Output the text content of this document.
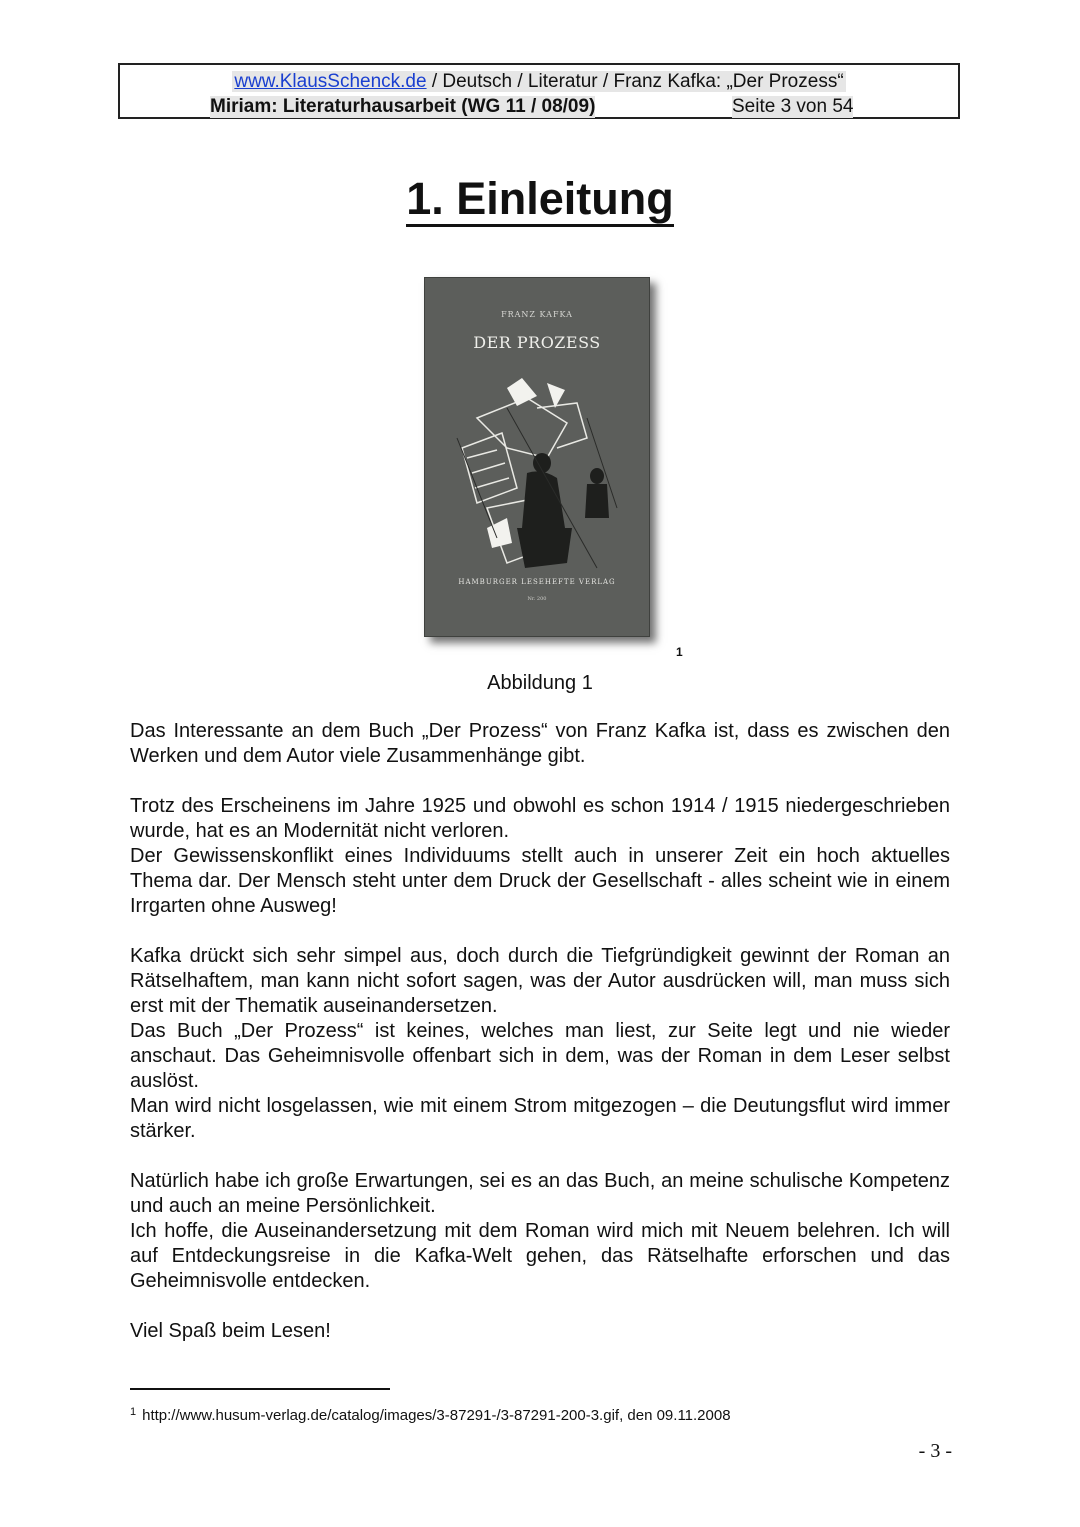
www.KlausSchenck.de / Deutsch / Literatur / Franz Kafka: „Der Prozess“
Miriam: Literaturhausarbeit (WG 11 / 08/09)	Seite 3 von 54
1. Einleitung
FRANZ KAFKA
DER PROZESS
HAMBURGER LESEHEFTE VERLAG
Nr. 200
1
Abbildung 1

Das Interessante an dem Buch „Der Prozess“ von Franz Kafka ist, dass es zwischen den Werken und dem Autor viele Zusammenhänge gibt.

Trotz des Erscheinens im Jahre 1925 und obwohl es schon 1914 / 1915 niedergeschrieben wurde, hat es an Modernität nicht verloren.
Der Gewissenskonflikt eines Individuums stellt auch in unserer Zeit ein hoch aktuelles Thema dar. Der Mensch steht unter dem Druck der Gesellschaft - alles scheint wie in einem Irrgarten ohne Ausweg!

Kafka drückt sich sehr simpel aus, doch durch die Tiefgründigkeit gewinnt der Roman an Rätselhaftem, man kann nicht sofort sagen, was der Autor ausdrücken will, man muss sich erst mit der Thematik auseinandersetzen.
Das Buch „Der Prozess“ ist keines, welches man liest, zur Seite legt und nie wieder anschaut. Das Geheimnisvolle offenbart sich in dem, was der Roman in dem Leser selbst auslöst.
Man wird nicht losgelassen, wie mit einem Strom mitgezogen – die Deutungsflut wird immer stärker.

Natürlich habe ich große Erwartungen, sei es an das Buch, an meine schulische Kompetenz und auch an meine Persönlichkeit.
Ich hoffe, die Auseinandersetzung mit dem Roman wird mich mit Neuem belehren. Ich will auf Entdeckungsreise in die Kafka-Welt gehen, das Rätselhafte erforschen und das Geheimnisvolle entdecken.

Viel Spaß beim Lesen!

$^1$ http://www.husum-verlag.de/catalog/images/3-87291-/3-87291-200-3.gif, den 09.11.2008
- 3 -
